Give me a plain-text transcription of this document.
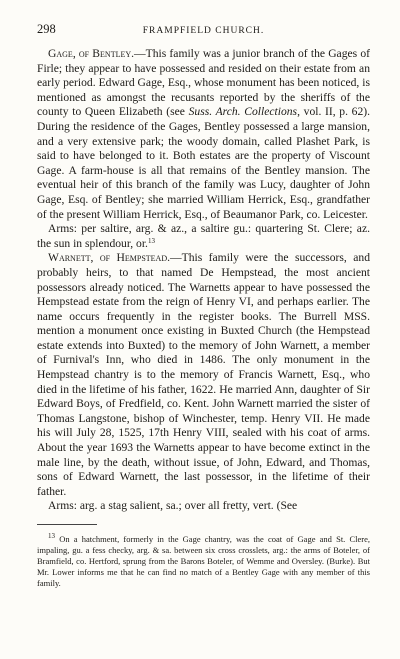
298	FRAMPFIELD CHURCH.

Gage, of Bentley.—This family was a junior branch of the Gages of Firle; they appear to have possessed and resided on their estate from an early period. Edward Gage, Esq., whose monument has been noticed, is mentioned as amongst the recusants reported by the sheriffs of the county to Queen Elizabeth (see Suss. Arch. Collections, vol. II, p. 62). During the residence of the Gages, Bentley possessed a large mansion, and a very extensive park; the woody domain, called Plashet Park, is said to have belonged to it. Both estates are the property of Viscount Gage. A farm-house is all that remains of the Bentley mansion. The eventual heir of this branch of the family was Lucy, daughter of John Gage, Esq. of Bentley; she married William Herrick, Esq., grandfather of the present William Herrick, Esq., of Beaumanor Park, co. Leicester.

Arms: per saltire, arg. & az., a saltire gu.: quartering St. Clere; az. the sun in splendour, or.$^{13}$

Warnett, of Hempstead.—This family were the successors, and probably heirs, to that named De Hempstead, the most ancient possessors already noticed. The Warnetts appear to have possessed the Hempstead estate from the reign of Henry VI, and perhaps earlier. The name occurs frequently in the register books. The Burrell MSS. mention a monument once existing in Buxted Church (the Hempstead estate extends into Buxted) to the memory of John Warnett, a member of Furnival's Inn, who died in 1486. The only monument in the Hempstead chantry is to the memory of Francis Warnett, Esq., who died in the lifetime of his father, 1622. He married Ann, daughter of Sir Edward Boys, of Fredfield, co. Kent. John Warnett married the sister of Thomas Langstone, bishop of Winchester, temp. Henry VII. He made his will July 28, 1525, 17th Henry VIII, sealed with his coat of arms. About the year 1693 the Warnetts appear to have become extinct in the male line, by the death, without issue, of John, Edward, and Thomas, sons of Edward Warnett, the last possessor, in the lifetime of their father.

Arms: arg. a stag salient, sa.; over all fretty, vert. (See

$^{13}$ On a hatchment, formerly in the Gage chantry, was the coat of Gage and St. Clere, impaling, gu. a fess checky, arg. & sa. between six cross crosslets, arg.: the arms of Boteler, of Bramfield, co. Hertford, sprung from the Barons Boteler, of Wemme and Oversley. (Burke). But Mr. Lower informs me that he can find no match of a Bentley Gage with any member of this family.
